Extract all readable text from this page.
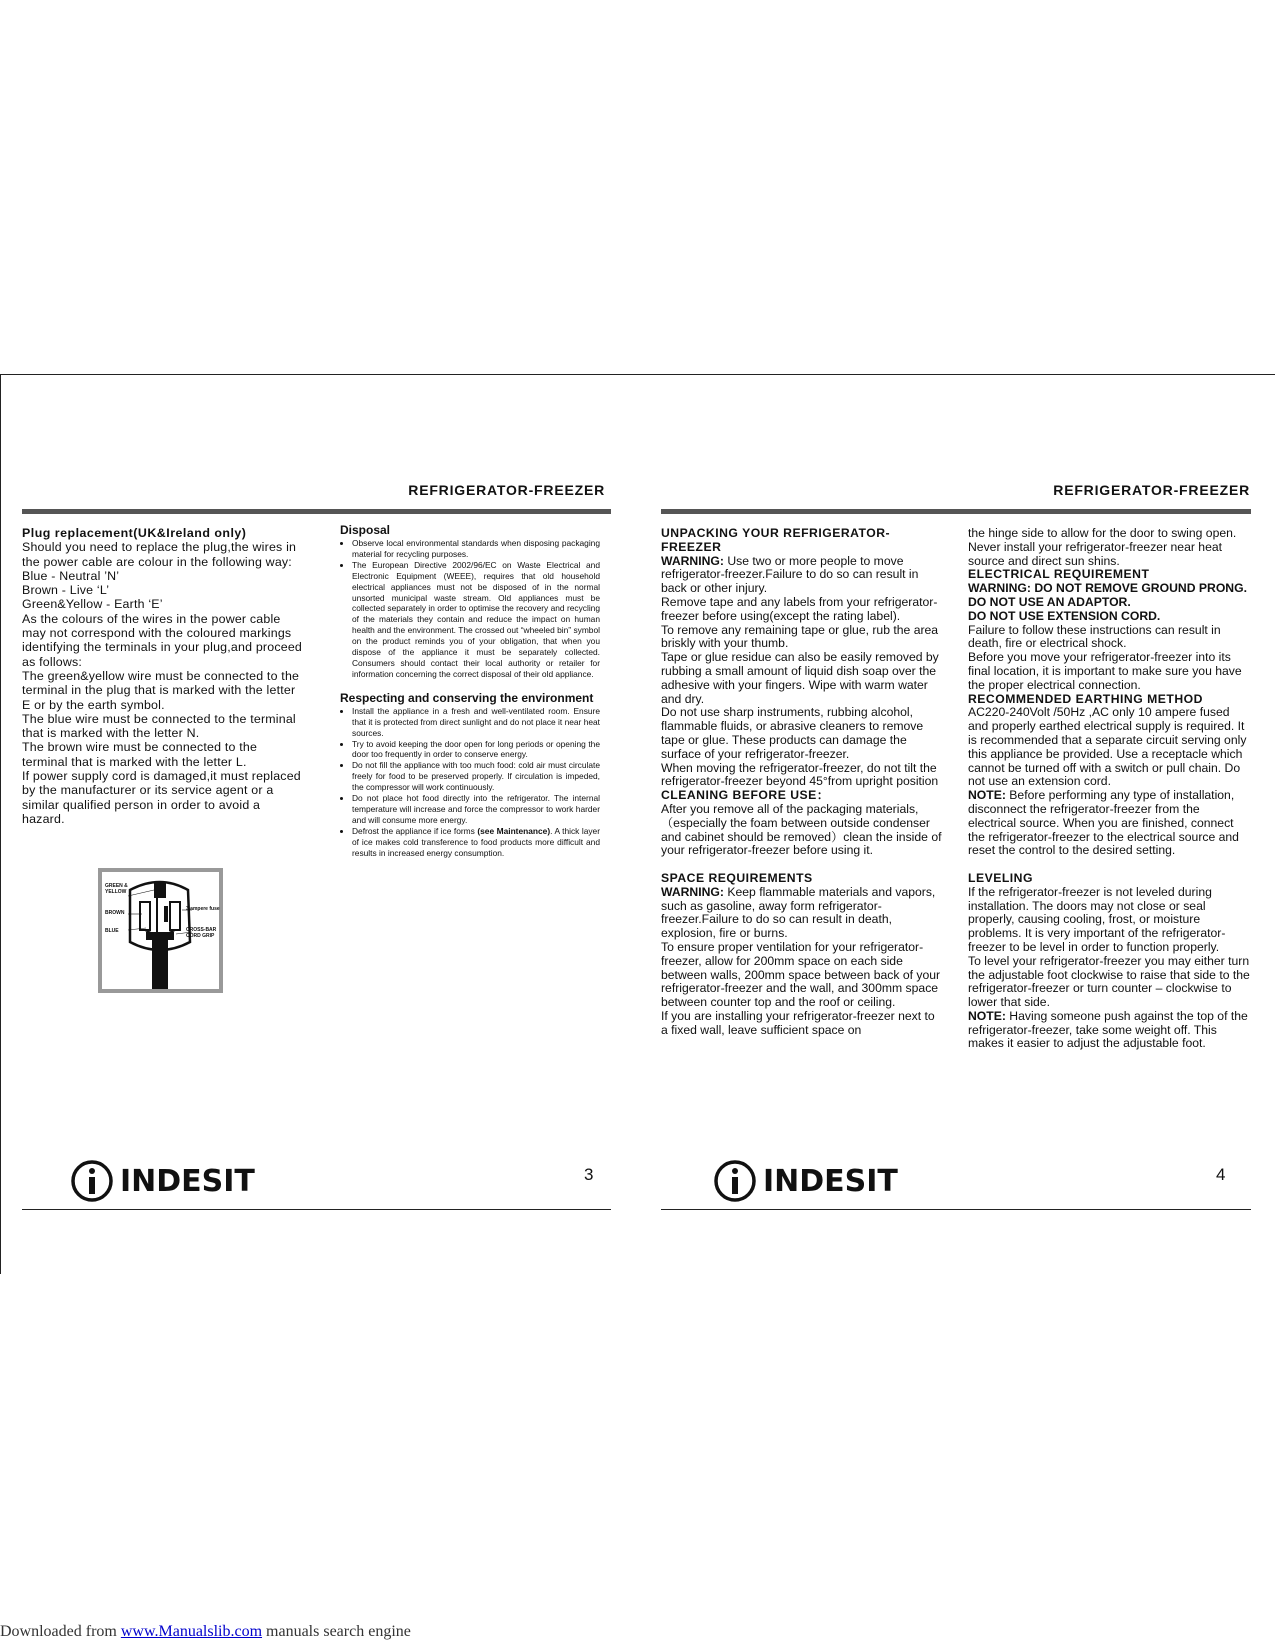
REFRIGERATOR-FREEZER	REFRIGERATOR-FREEZER

Plug replacement(UK&Ireland only)

Should you need to replace the plug,the wires in the power cable are colour in the following way:

Blue - Neutral ’N’

Brown - Live ‘L’

Green&Yellow - Earth ‘E’

As the colours of the wires in the power cable may not correspond with the coloured markings identifying the terminals in your plug,and proceed as follows:

The green&yellow wire must be connected to the terminal in the plug that is marked with the letter E or by the earth symbol.

The blue wire must be connected to the terminal that is marked with the letter N.

The brown wire must be connected to the terminal that is marked with the letter L.

If power supply cord is damaged,it must replaced by the manufacturer or its service agent or a similar qualified person in order to avoid a hazard.

GREEN & YELLOW
BROWN
BLUE
3 ampere fuse
CROSS-BAR CORD GRIP
Disposal
• Observe local environmental standards when disposing packaging material for recycling purposes.
• The European Directive 2002/96/EC on Waste Electrical and Electronic Equipment (WEEE), requires that old household electrical appliances must not be disposed of in the normal unsorted municipal waste stream. Old appliances must be collected separately in order to optimise the recovery and recycling of the materials they contain and reduce the impact on human health and the environment. The crossed out “wheeled bin” symbol on the product reminds you of your obligation, that when you dispose of the appliance it must be separately collected. Consumers should contact their local authority or retailer for information concerning the correct disposal of their old appliance.
Respecting and conserving the environment
• Install the appliance in a fresh and well-ventilated room. Ensure that it is protected from direct sunlight and do not place it near heat sources.
• Try to avoid keeping the door open for long periods or opening the door too frequently in order to conserve energy.
• Do not fill the appliance with too much food: cold air must circulate freely for food to be preserved properly. If circulation is impeded, the compressor will work continuously.
• Do not place hot food directly into the refrigerator. The internal temperature will increase and force the compressor to work harder and will consume more energy.
• Defrost the appliance if ice forms (see Maintenance). A thick layer of ice makes cold transference to food products more difficult and results in increased energy consumption.

UNPACKING YOUR REFRIGERATOR-FREEZER

WARNING: Use two or more people to move refrigerator-freezer.Failure to do so can result in back or other injury.

Remove tape and any labels from your refrigerator-freezer before using(except the rating label).

To remove any remaining tape or glue, rub the area briskly with your thumb.

Tape or glue residue can also be easily removed by rubbing a small amount of liquid dish soap over the adhesive with your fingers. Wipe with warm water and dry.

Do not use sharp instruments, rubbing alcohol, flammable fluids, or abrasive cleaners to remove tape or glue. These products can damage the surface of your refrigerator-freezer.

When moving the refrigerator-freezer, do not tilt the refrigerator-freezer beyond 45°from upright position

CLEANING BEFORE USE：

After you remove all of the packaging materials, （especially the foam between outside condenser and cabinet should be removed）clean the inside of your refrigerator-freezer before using it.

SPACE REQUIREMENTS

WARNING: Keep flammable materials and vapors, such as gasoline, away form refrigerator-freezer.Failure to do so can result in death, explosion, fire or burns.

To ensure proper ventilation for your refrigerator-freezer, allow for 200mm space on each side between walls, 200mm space between back of your refrigerator-freezer and the wall, and 300mm space between counter top and the roof or ceiling.

If you are installing your refrigerator-freezer next to a fixed wall, leave sufficient space on

the hinge side to allow for the door to swing open.

Never install your refrigerator-freezer near heat source and direct sun shins.

ELECTRICAL REQUIREMENT

WARNING: DO NOT REMOVE GROUND PRONG.

DO NOT USE AN ADAPTOR.

DO NOT USE EXTENSION CORD.

Failure to follow these instructions can result in death, fire or electrical shock.

Before you move your refrigerator-freezer into its final location, it is important to make sure you have the proper electrical connection.

RECOMMENDED EARTHING METHOD

AC220-240Volt /50Hz ,AC only 10 ampere fused and properly earthed electrical supply is required. It is recommended that a separate circuit serving only this appliance be provided. Use a receptacle which cannot be turned off with a switch or pull chain. Do not use an extension cord.

NOTE: Before performing any type of installation, disconnect the refrigerator-freezer from the electrical source. When you are finished, connect the refrigerator-freezer to the electrical source and reset the control to the desired setting.

LEVELING

If the refrigerator-freezer is not leveled during installation. The doors may not close or seal properly, causing cooling, frost, or moisture problems. It is very important of the refrigerator-freezer to be level in order to function properly.

To level your refrigerator-freezer you may either turn the adjustable foot clockwise to raise that side to the refrigerator-freezer or turn counter – clockwise to lower that side.

NOTE: Having someone push against the top of the refrigerator-freezer, take some weight off. This makes it easier to adjust the adjustable foot.

INDESIT	INDESIT
3	4
Downloaded from www.Manualslib.com manuals search engine
